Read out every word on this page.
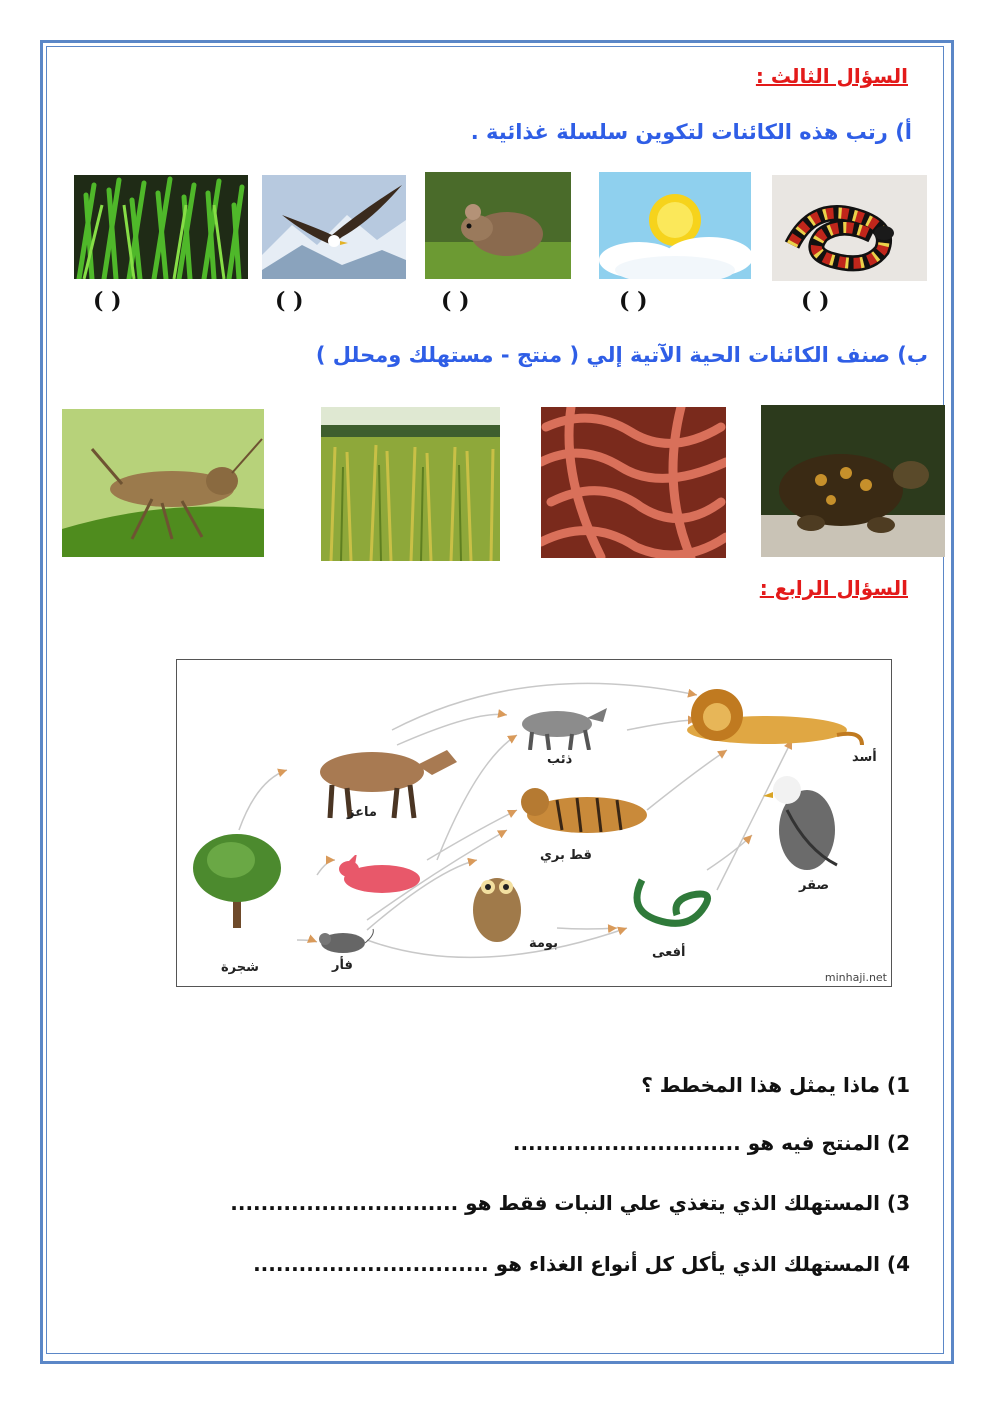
السؤال الثالث :
أ) رتب هذه الكائنات لتكوين سلسلة غذائية .
( )	( )	( )	( )	( )
ب) صنف الكائنات الحية الآتية إلي ( منتج - مستهلك ومحلل )
السؤال الرابع :
أسد
ذئب
ماعز
قط بري
صقر
شجرة	فأر
بومة
أفعى
minhaji.net
1) ماذا يمثل هذا المخطط ؟
2) المنتج فيه هو ..............................
3) المستهلك الذي يتغذي علي النبات فقط هو ..............................
4) المستهلك الذي يأكل كل أنواع الغذاء هو ...............................
